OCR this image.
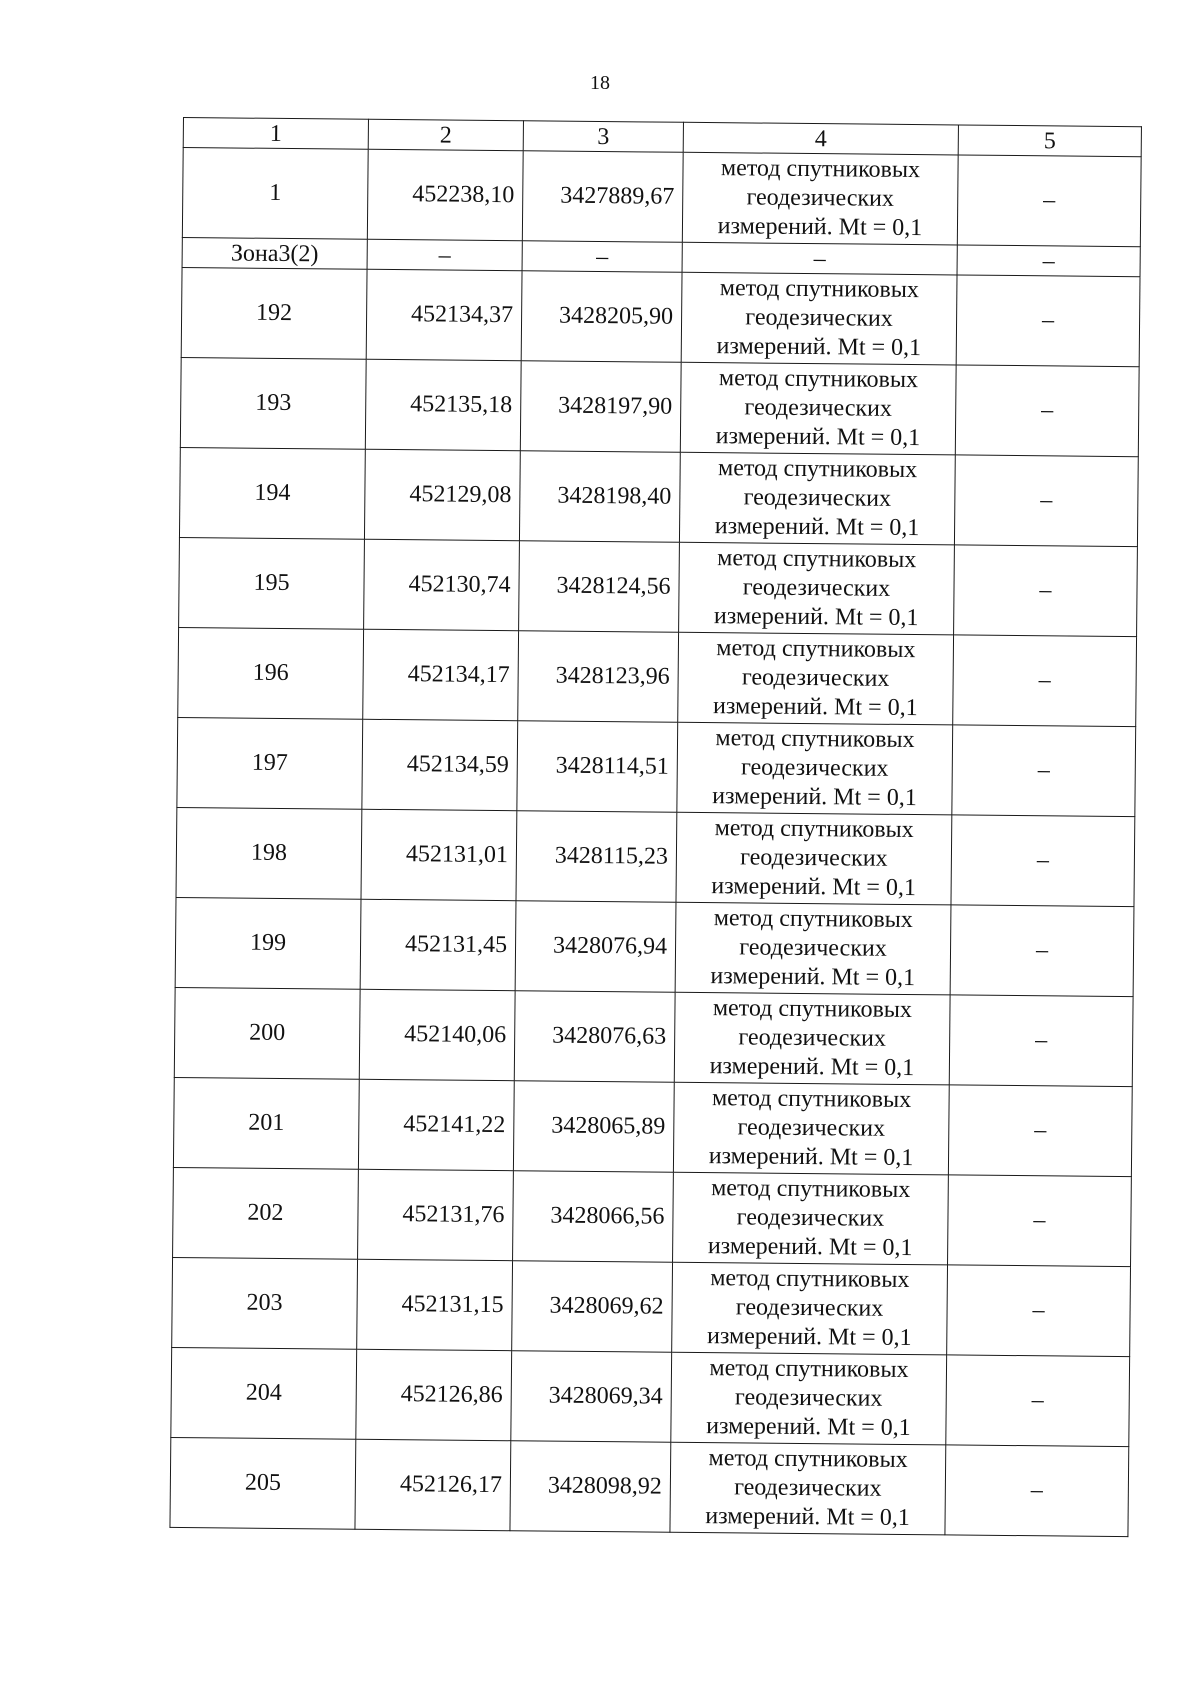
18
1	2	3	4	5
1	452238,10	3427889,67	метод спутниковых
геодезических
измерений. Mt = 0,1	–
Зона3(2)	–	–	–	–
192	452134,37	3428205,90	метод спутниковых
геодезических
измерений. Mt = 0,1	–
193	452135,18	3428197,90	метод спутниковых
геодезических
измерений. Mt = 0,1	–
194	452129,08	3428198,40	метод спутниковых
геодезических
измерений. Mt = 0,1	–
195	452130,74	3428124,56	метод спутниковых
геодезических
измерений. Mt = 0,1	–
196	452134,17	3428123,96	метод спутниковых
геодезических
измерений. Mt = 0,1	–
197	452134,59	3428114,51	метод спутниковых
геодезических
измерений. Mt = 0,1	–
198	452131,01	3428115,23	метод спутниковых
геодезических
измерений. Mt = 0,1	–
199	452131,45	3428076,94	метод спутниковых
геодезических
измерений. Mt = 0,1	–
200	452140,06	3428076,63	метод спутниковых
геодезических
измерений. Mt = 0,1	–
201	452141,22	3428065,89	метод спутниковых
геодезических
измерений. Mt = 0,1	–
202	452131,76	3428066,56	метод спутниковых
геодезических
измерений. Mt = 0,1	–
203	452131,15	3428069,62	метод спутниковых
геодезических
измерений. Mt = 0,1	–
204	452126,86	3428069,34	метод спутниковых
геодезических
измерений. Mt = 0,1	–
205	452126,17	3428098,92	метод спутниковых
геодезических
измерений. Mt = 0,1	–
